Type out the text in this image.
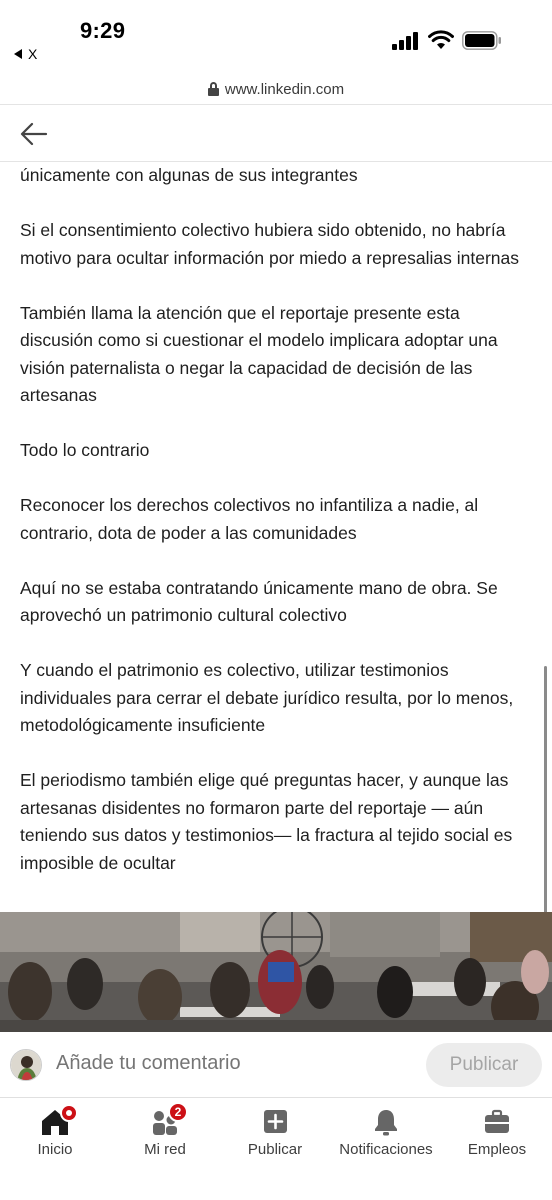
9:29
X
www.linkedin.com

únicamente con algunas de sus integrantes

Si el consentimiento colectivo hubiera sido obtenido, no habría motivo para ocultar información por miedo a represalias internas

También llama la atención que el reportaje presente esta discusión como si cuestionar el modelo implicara adoptar una visión paternalista o negar la capacidad de decisión de las artesanas

Todo lo contrario

Reconocer los derechos colectivos no infantiliza a nadie, al contrario, dota de poder a las comunidades

Aquí no se estaba contratando únicamente mano de obra. Se aprovechó un patrimonio cultural colectivo

Y cuando el patrimonio es colectivo, utilizar testimonios individuales para cerrar el debate jurídico resulta, por lo menos, metodológicamente insuficiente

El periodismo también elige qué preguntas hacer, y aunque las artesanas disidentes no formaron parte del reportaje — aún teniendo sus datos y testimonios— la fractura al tejido social es imposible de ocultar

Añade tu comentario
Publicar
Inicio
2
Mi red	Publicar	Notificaciones	Empleos
